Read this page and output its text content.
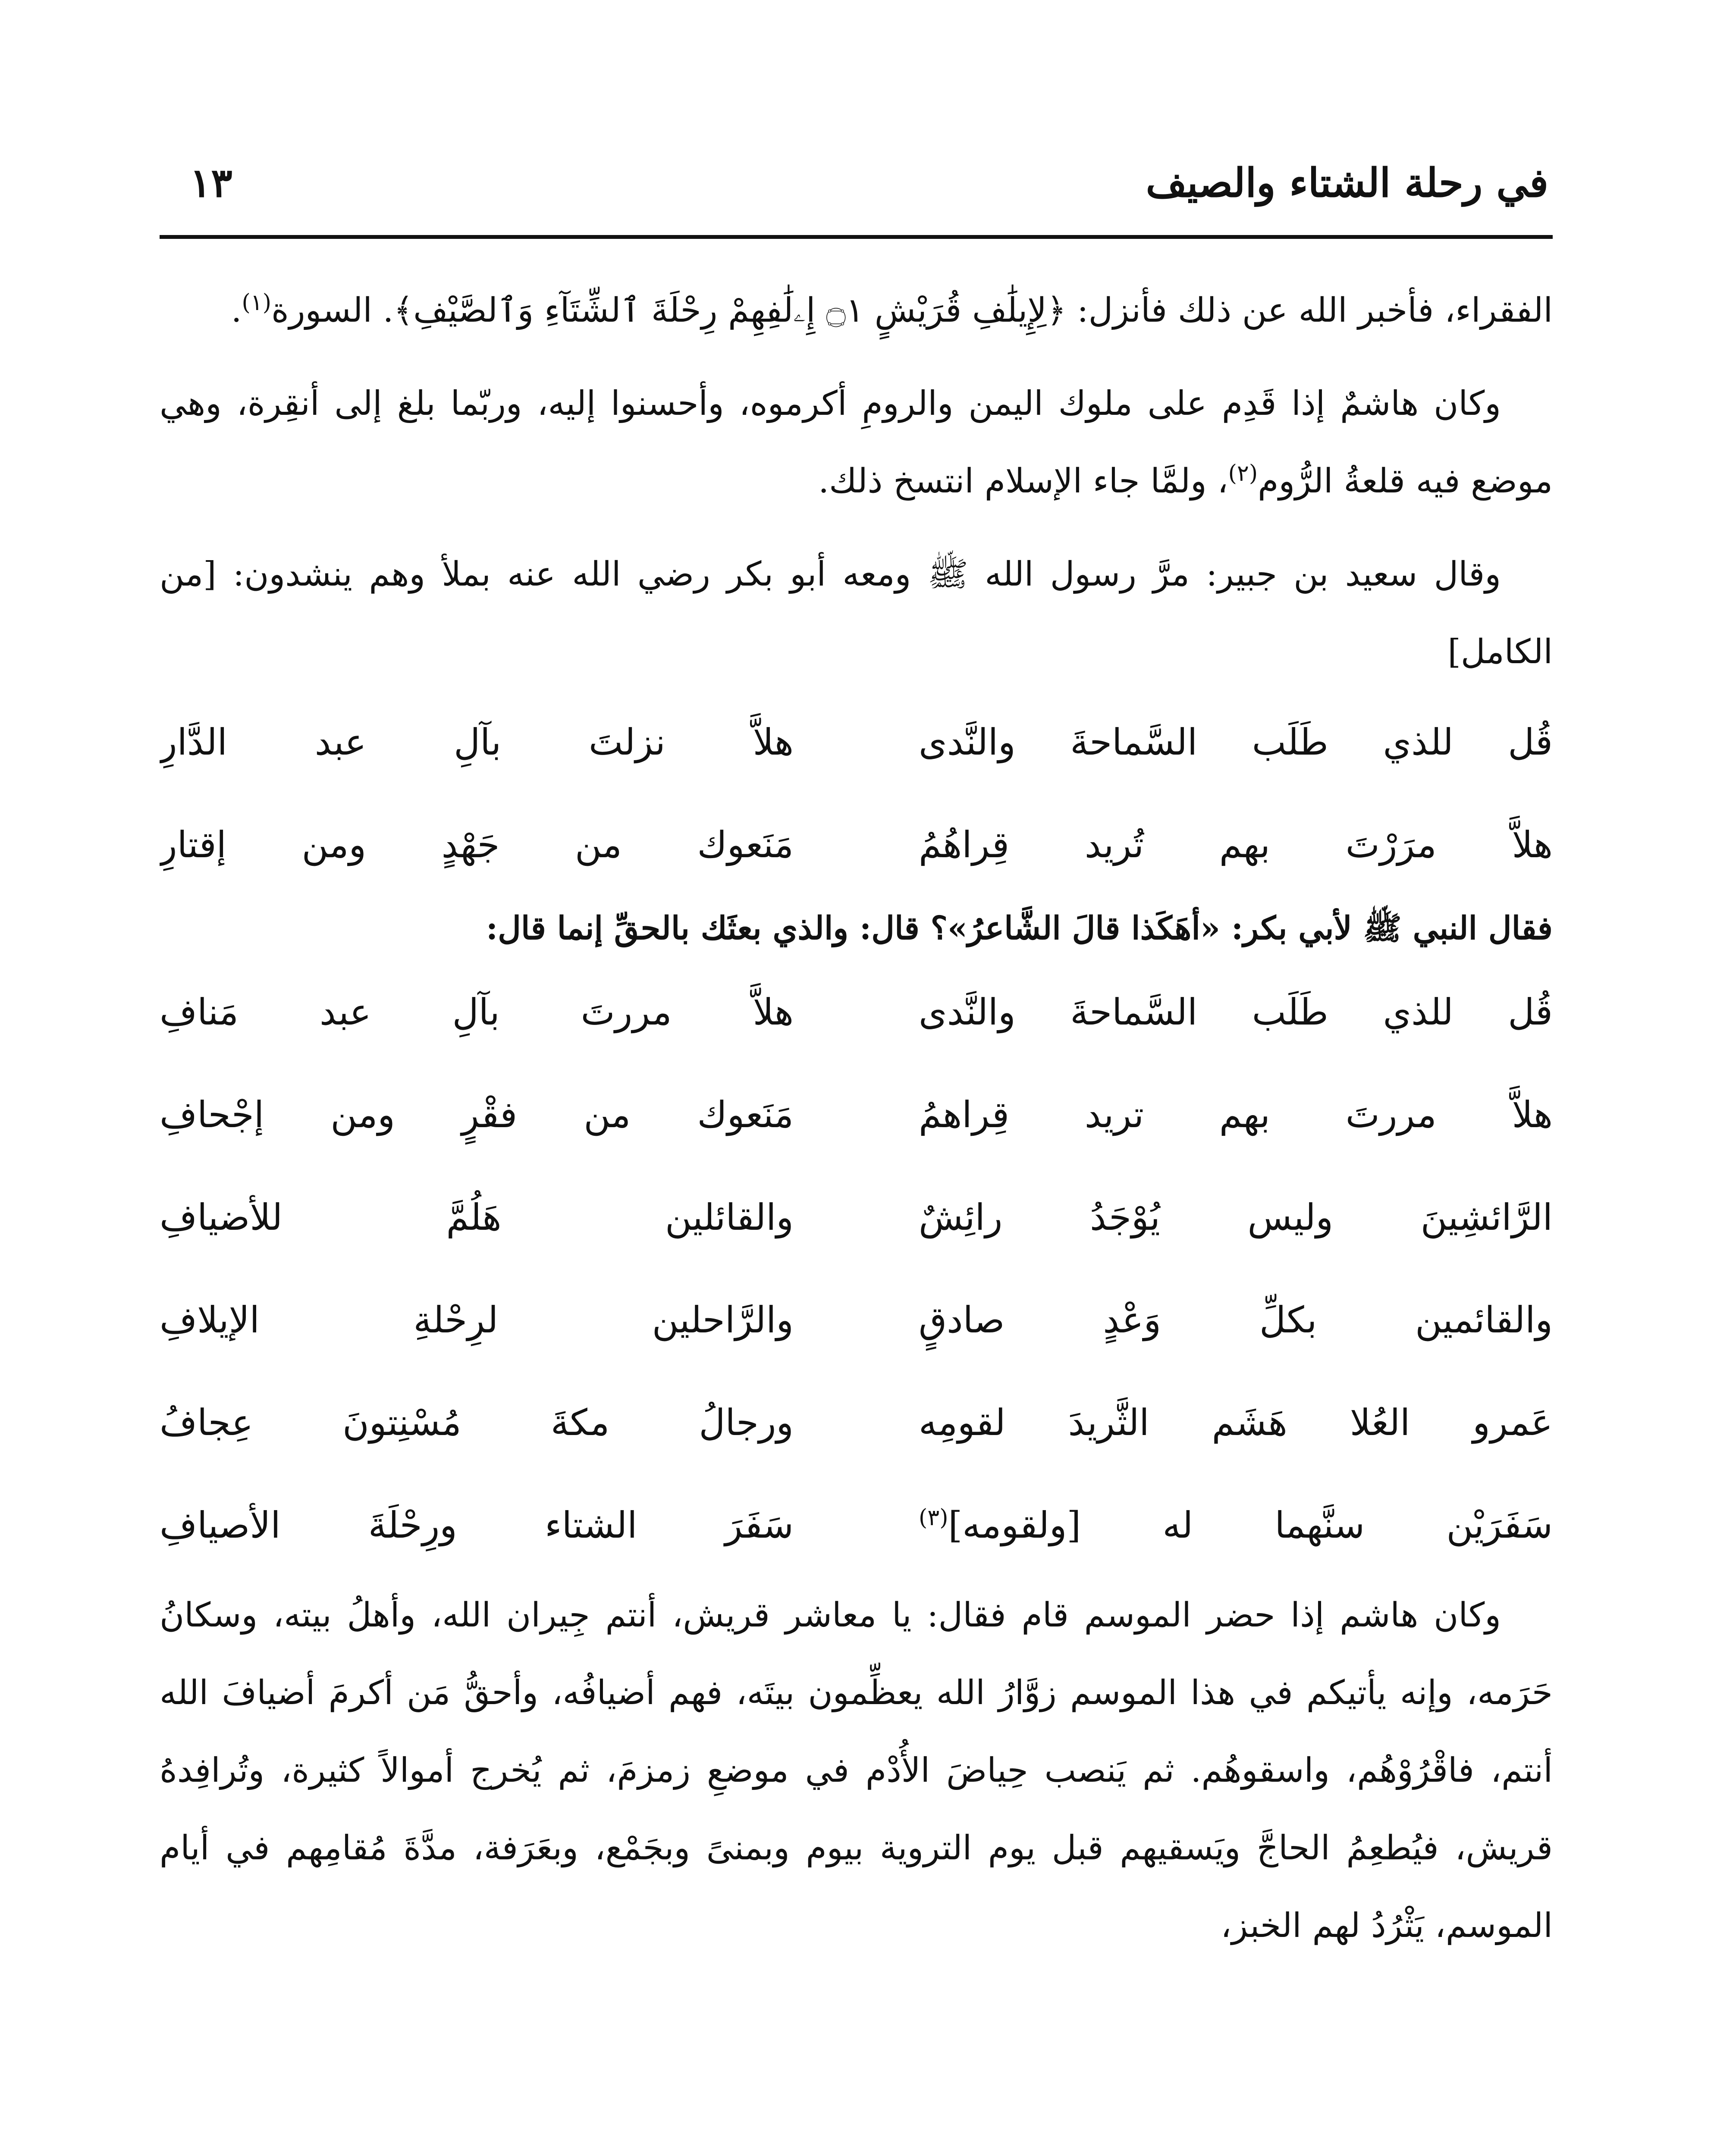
في رحلة الشتاء والصيف
١٣

الفقراء، فأخبر الله عن ذلك فأنزل: ﴿لِإِيلَٰفِ قُرَيْشٍ ۝١ إِۦلَٰفِهِمْ رِحْلَةَ ٱلشِّتَآءِ وَٱلصَّيْفِ﴾. السورة$^{(١)}$.

وكان هاشمٌ إذا قَدِم على ملوك اليمن والرومِ أكرموه، وأحسنوا إليه، وربّما بلغ إلى أنقِرة، وهي موضع فيه قلعةُ الرُّوم$^{(٢)}$، ولمَّا جاء الإسلام انتسخ ذلك.

وقال سعيد بن جبير: مرَّ رسول الله ﷺ ومعه أبو بكر رضي الله عنه بملأ وهم ينشدون: [من الكامل]

قُل للذي طَلَب السَّماحةَ والنَّدى
هلاَّ نزلتَ بآلِ عبد الدَّارِ
هلاَّ مرَرْتَ بهم تُريد قِراهُمُ
مَنَعوك من جَهْدٍ ومن إقتارِ

فقال النبي ﷺ لأبي بكر: «أهَكَذا قالَ الشَّاعرُ»؟ قال: والذي بعثَك بالحقِّ إنما قال:

قُل للذي طَلَب السَّماحةَ والنَّدى
هلاَّ مررتَ بآلِ عبد مَنافِ
هلاَّ مررتَ بهم تريد قِراهمُ
مَنَعوك من فقْرٍ ومن إجْحافِ
الرَّائشِينَ وليس يُوْجَدُ رائِشٌ
والقائلين هَلُمَّ للأضيافِ
والقائمين بكلِّ وَعْدٍ صادقٍ
والرَّاحلين لرِحْلةِ الإيلافِ
عَمرو العُلا هَشَم الثَّريدَ لقومِه
ورجالُ مكةَ مُسْنِتونَ عِجافُ
سَفَرَيْن سنَّهما له [ولقومه]$^{(٣)}$
سَفَرَ الشتاء ورِحْلَةَ الأصيافِ

وكان هاشم إذا حضر الموسم قام فقال: يا معاشر قريش، أنتم جِيران الله، وأهلُ بيته، وسكانُ حَرَمه، وإنه يأتيكم في هذا الموسم زوَّارُ الله يعظِّمون بيتَه، فهم أضيافُه، وأحقُّ مَن أكرمَ أضيافَ الله أنتم، فاقْرُوْهُم، واسقوهُم. ثم يَنصب حِياضَ الأُدْم في موضعِ زمزمَ، ثم يُخرج أموالاً كثيرة، وتُرافِدهُ قريش، فيُطعِمُ الحاجَّ ويَسقيهم قبل يوم التروية بيوم وبمنىً وبجَمْع، وبعَرَفة، مدَّةَ مُقامِهم في أيام الموسم، يَثْرُدُ لهم الخبز،
